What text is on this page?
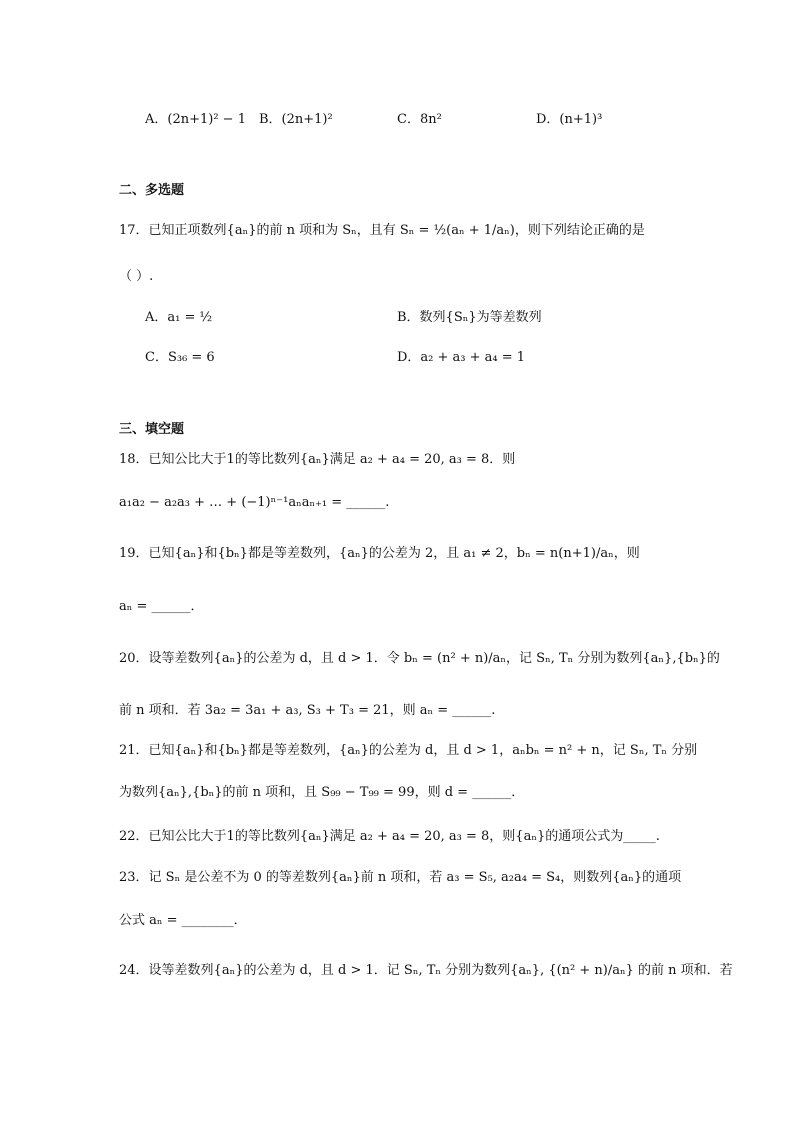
A．(2n+1)² − 1 B．(2n+1)²	C．8n²	D．(n+1)³
二、多选题
17．已知正项数列{aₙ}的前 n 项和为 Sₙ，且有 Sₙ = ½(aₙ + 1/aₙ)，则下列结论正确的是
（ ）.
A．a₁ = ½	B．数列{Sₙ}为等差数列
C．S₃₆ = 6	D．a₂ + a₃ + a₄ = 1
三、填空题
18．已知公比大于1的等比数列{aₙ}满足 a₂ + a₄ = 20, a₃ = 8．则
a₁a₂ − a₂a₃ + … + (−1)ⁿ⁻¹aₙaₙ₊₁ = ______.
19．已知{aₙ}和{bₙ}都是等差数列，{aₙ}的公差为 2，且 a₁ ≠ 2，bₙ = n(n+1)/aₙ，则
aₙ = ______．
20．设等差数列{aₙ}的公差为 d，且 d > 1．令 bₙ = (n² + n)/aₙ，记 Sₙ, Tₙ 分别为数列{aₙ},{bₙ}的
前 n 项和．若 3a₂ = 3a₁ + a₃, S₃ + T₃ = 21，则 aₙ = ______.
21．已知{aₙ}和{bₙ}都是等差数列，{aₙ}的公差为 d，且 d > 1，aₙbₙ = n² + n，记 Sₙ, Tₙ 分别
为数列{aₙ},{bₙ}的前 n 项和，且 S₉₉ − T₉₉ = 99，则 d = ______．
22．已知公比大于1的等比数列{aₙ}满足 a₂ + a₄ = 20, a₃ = 8，则{aₙ}的通项公式为_____.
23．记 Sₙ 是公差不为 0 的等差数列{aₙ}前 n 项和，若 a₃ = S₅, a₂a₄ = S₄，则数列{aₙ}的通项
公式 aₙ = ________．
24．设等差数列{aₙ}的公差为 d，且 d > 1．记 Sₙ, Tₙ 分别为数列{aₙ}, {(n² + n)/aₙ} 的前 n 项和．若
